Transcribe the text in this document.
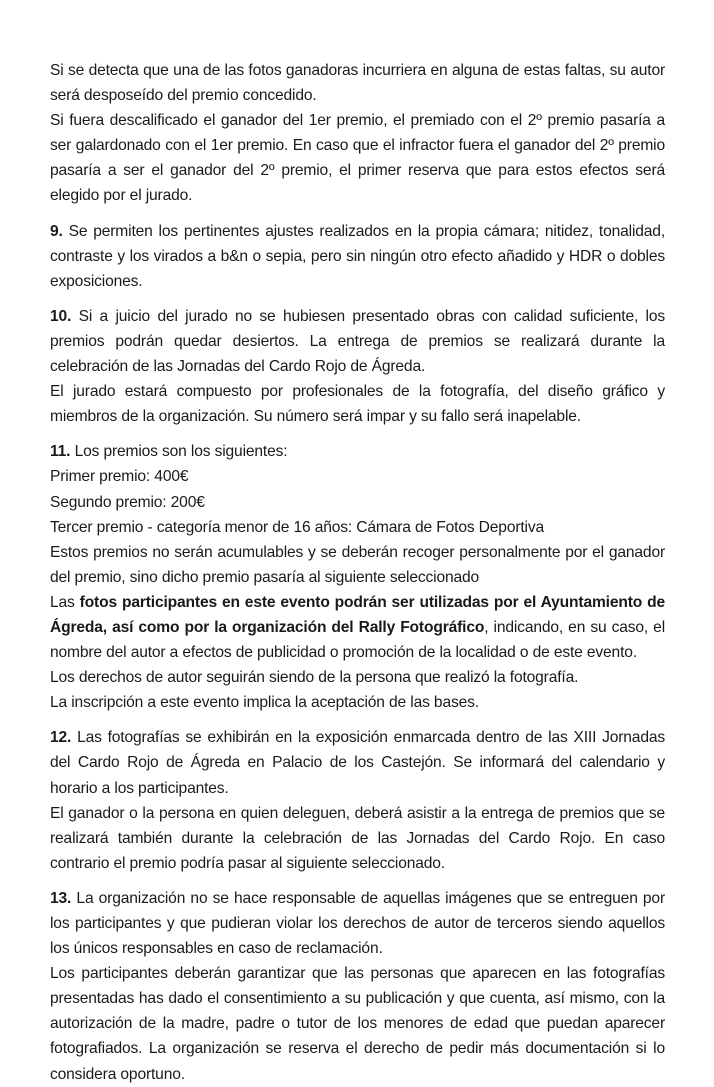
Si se detecta que una de las fotos ganadoras incurriera en alguna de estas faltas, su autor será desposeído del premio concedido.

Si fuera descalificado el ganador del 1er premio, el premiado con el 2º premio pasaría a ser galardonado con el 1er premio. En caso que el infractor fuera el ganador del 2º premio pasaría a ser el ganador del 2º premio, el primer reserva que para estos efectos será elegido por el jurado.

9. Se permiten los pertinentes ajustes realizados en la propia cámara; nitidez, tonalidad, contraste y los virados a b&n o sepia, pero sin ningún otro efecto añadido y HDR o dobles exposiciones.

10. Si a juicio del jurado no se hubiesen presentado obras con calidad suficiente, los premios podrán quedar desiertos. La entrega de premios se realizará durante la celebración de las Jornadas del Cardo Rojo de Ágreda.

El jurado estará compuesto por profesionales de la fotografía, del diseño gráfico y miembros de la organización. Su número será impar y su fallo será inapelable.

11. Los premios son los siguientes:

Primer premio: 400€

Segundo premio: 200€

Tercer premio - categoría menor de 16 años: Cámara de Fotos Deportiva

Estos premios no serán acumulables y se deberán recoger personalmente por el ganador del premio, sino dicho premio pasaría al siguiente seleccionado

Las fotos participantes en este evento podrán ser utilizadas por el Ayuntamiento de Ágreda, así como por la organización del Rally Fotográfico, indicando, en su caso, el nombre del autor a efectos de publicidad o promoción de la localidad o de este evento.

Los derechos de autor seguirán siendo de la persona que realizó la fotografía.

La inscripción a este evento implica la aceptación de las bases.

12. Las fotografías se exhibirán en la exposición enmarcada dentro de las XIII Jornadas del Cardo Rojo de Ágreda en Palacio de los Castejón. Se informará del calendario y horario a los participantes.

El ganador o la persona en quien deleguen, deberá asistir a la entrega de premios que se realizará también durante la celebración de las Jornadas del Cardo Rojo. En caso contrario el premio podría pasar al siguiente seleccionado.

13. La organización no se hace responsable de aquellas imágenes que se entreguen por los participantes y que pudieran violar los derechos de autor de terceros siendo aquellos los únicos responsables en caso de reclamación.

Los participantes deberán garantizar que las personas que aparecen en las fotografías presentadas has dado el consentimiento a su publicación y que cuenta, así mismo, con la autorización de la madre, padre o tutor de los menores de edad que puedan aparecer fotografiados. La organización se reserva el derecho de pedir más documentación si lo considera oportuno.
